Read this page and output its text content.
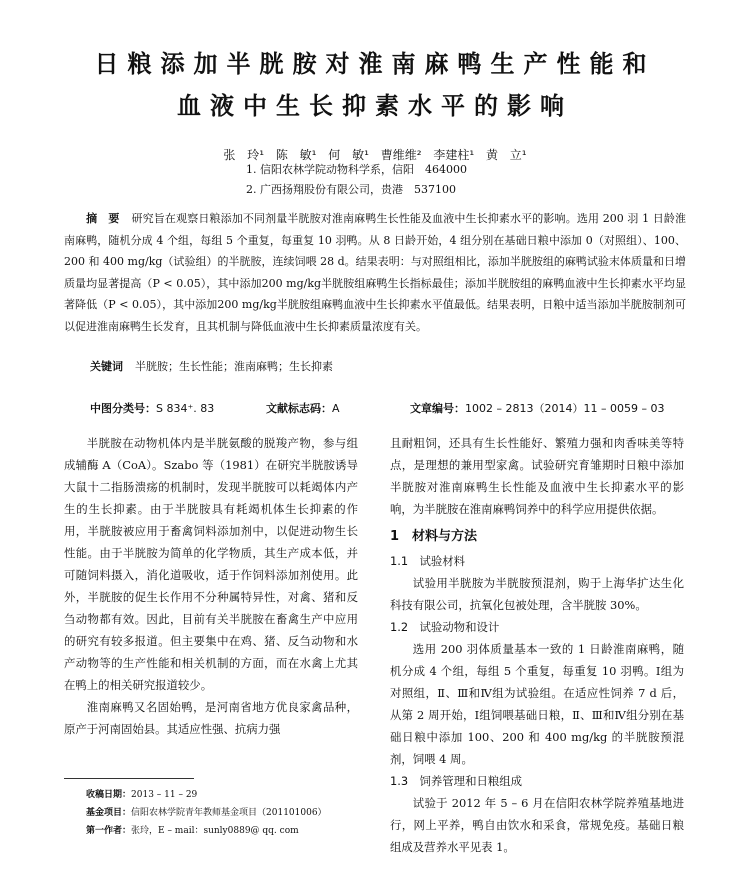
日粮添加半胱胺对淮南麻鸭生产性能和
血液中生长抑素水平的影响
张 玲¹ 陈 敏¹ 何 敏¹ 曹维维² 李建柱¹ 黄 立¹
1. 信阳农林学院动物科学系，信阳　464000
2. 广西扬翔股份有限公司，贵港　537100
摘　要 研究旨在观察日粮添加不同剂量半胱胺对淮南麻鸭生长性能及血液中生长抑素水平的影响。选用 200 羽 1 日龄淮南麻鸭，随机分成 4 个组，每组 5 个重复，每重复 10 羽鸭。从 8 日龄开始，4 组分别在基础日粮中添加 0（对照组）、100、200 和 400 mg/kg（试验组）的半胱胺，连续饲喂 28 d。结果表明：与对照组相比，添加半胱胺组的麻鸭试验末体质量和日增质量均显著提高（P < 0.05），其中添加200 mg/kg半胱胺组麻鸭生长指标最佳；添加半胱胺组的麻鸭血液中生长抑素水平均显著降低（P < 0.05），其中添加200 mg/kg半胱胺组麻鸭血液中生长抑素水平值最低。结果表明，日粮中适当添加半胱胺制剂可以促进淮南麻鸭生长发育，且其机制与降低血液中生长抑素质量浓度有关。
关键词 半胱胺；生长性能；淮南麻鸭；生长抑素
中图分类号：S 834⁺. 83	文献标志码：A	文章编号：1002 – 2813（2014）11 – 0059 – 03

半胱胺在动物机体内是半胱氨酸的脱羧产物，参与组成辅酶 A（CoA）。Szabo 等（1981）在研究半胱胺诱导大鼠十二指肠溃疡的机制时，发现半胱胺可以耗竭体内产生的生长抑素。由于半胱胺具有耗竭机体生长抑素的作用，半胱胺被应用于畜禽饲料添加剂中，以促进动物生长性能。由于半胱胺为简单的化学物质，其生产成本低，并可随饲料摄入，消化道吸收，适于作饲料添加剂使用。此外，半胱胺的促生长作用不分种属特异性，对禽、猪和反刍动物都有效。因此，目前有关半胱胺在畜禽生产中应用的研究有较多报道。但主要集中在鸡、猪、反刍动物和水产动物等的生产性能和相关机制的方面，而在水禽上尤其在鸭上的相关研究报道较少。

淮南麻鸭又名固始鸭，是河南省地方优良家禽品种，原产于河南固始县。其适应性强、抗病力强

且耐粗饲，还具有生长性能好、繁殖力强和肉香味美等特点，是理想的兼用型家禽。试验研究育雏期时日粮中添加半胱胺对淮南麻鸭生长性能及血液中生长抑素水平的影响，为半胱胺在淮南麻鸭饲养中的科学应用提供依据。

1　材料与方法

1.1　试验材料

试验用半胱胺为半胱胺预混剂，购于上海华扩达生化科技有限公司，抗氧化包被处理，含半胱胺 30%。

1.2　试验动物和设计

选用 200 羽体质量基本一致的 1 日龄淮南麻鸭，随机分成 4 个组，每组 5 个重复，每重复 10 羽鸭。Ⅰ组为对照组，Ⅱ、Ⅲ和Ⅳ组为试验组。在适应性饲养 7 d 后，从第 2 周开始，Ⅰ组饲喂基础日粮，Ⅱ、Ⅲ和Ⅳ组分别在基础日粮中添加 100、200 和 400 mg/kg 的半胱胺预混剂，饲喂 4 周。

1.3　饲养管理和日粮组成

试验于 2012 年 5 – 6 月在信阳农林学院养殖基地进行，网上平养，鸭自由饮水和采食，常规免疫。基础日粮组成及营养水平见表 1。

收稿日期：2013 – 11 – 29
基金项目：信阳农林学院青年教师基金项目（201101006）
第一作者：张玲，E – mail：sunly0889@ qq. com
